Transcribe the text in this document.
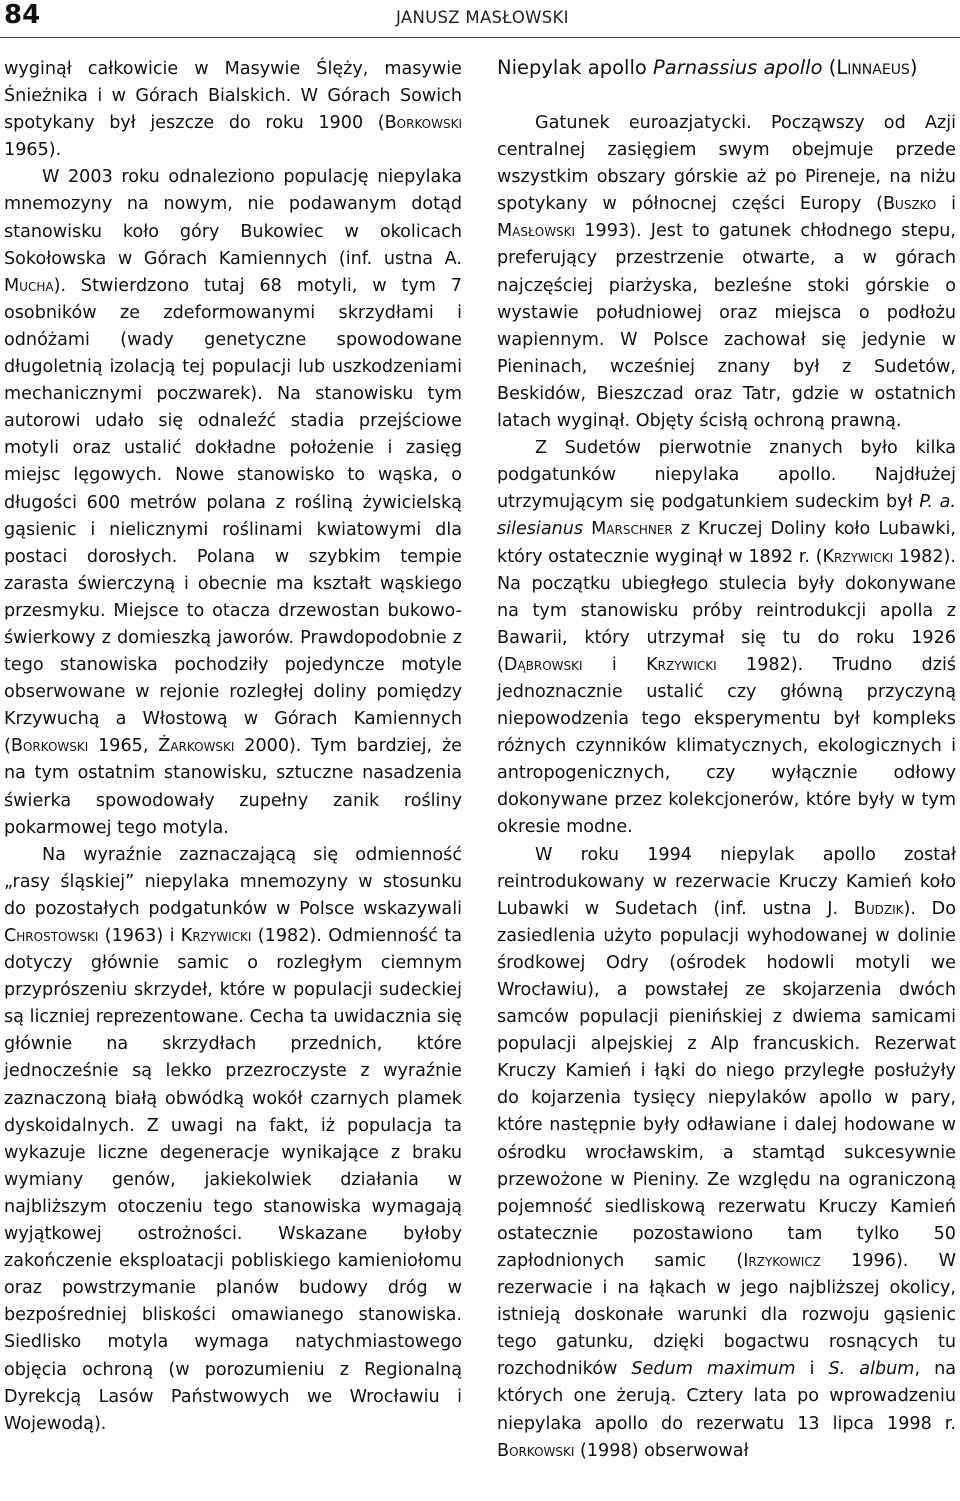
84	JANUSZ MASŁOWSKI

wyginął całkowicie w Masywie Ślęży, masywie Śnieżnika i w Górach Bialskich. W Górach Sowich spotykany był jeszcze do roku 1900 (Borkowski 1965).

W 2003 roku odnaleziono populację niepylaka mnemozyny na nowym, nie podawanym dotąd stanowisku koło góry Bukowiec w okolicach Sokołowska w Górach Kamiennych (inf. ustna A. Mucha). Stwierdzono tutaj 68 motyli, w tym 7 osobników ze zdeformowanymi skrzydłami i odnóżami (wady genetyczne spowodowane długoletnią izolacją tej populacji lub uszkodzeniami mechanicznymi poczwarek). Na stanowisku tym autorowi udało się odnaleźć stadia przejściowe motyli oraz ustalić dokładne położenie i zasięg miejsc lęgowych. Nowe stanowisko to wąska, o długości 600 metrów polana z rośliną żywicielską gąsienic i nielicznymi roślinami kwiatowymi dla postaci dorosłych. Polana w szybkim tempie zarasta świerczyną i obecnie ma kształt wąskiego przesmyku. Miejsce to otacza drzewostan bukowo-świerkowy z domieszką jaworów. Prawdopodobnie z tego stanowiska pochodziły pojedyncze motyle obserwowane w rejonie rozległej doliny pomiędzy Krzywuchą a Włostową w Górach Kamiennych (Borkowski 1965, Żarkowski 2000). Tym bardziej, że na tym ostatnim stanowisku, sztuczne nasadzenia świerka spowodowały zupełny zanik rośliny pokarmowej tego motyla.

Na wyraźnie zaznaczającą się odmienność „rasy śląskiej” niepylaka mnemozyny w stosunku do pozostałych podgatunków w Polsce wskazywali Chrostowski (1963) i Krzywicki (1982). Odmienność ta dotyczy głównie samic o rozległym ciemnym przyprószeniu skrzydeł, które w populacji sudeckiej są liczniej reprezentowane. Cecha ta uwidacznia się głównie na skrzydłach przednich, które jednocześnie są lekko przezroczyste z wyraźnie zaznaczoną białą obwódką wokół czarnych plamek dyskoidalnych. Z uwagi na fakt, iż populacja ta wykazuje liczne degeneracje wynikające z braku wymiany genów, jakiekolwiek działania w najbliższym otoczeniu tego stanowiska wymagają wyjątkowej ostrożności. Wskazane byłoby zakończenie eksploatacji pobliskiego kamieniołomu oraz powstrzymanie planów budowy dróg w bezpośredniej bliskości omawianego stanowiska. Siedlisko motyla wymaga natychmiastowego objęcia ochroną (w porozumieniu z Regionalną Dyrekcją Lasów Państwowych we Wrocławiu i Wojewodą).

Niepylak apollo Parnassius apollo (Linnaeus)

Gatunek euroazjatycki. Począwszy od Azji centralnej zasięgiem swym obejmuje przede wszystkim obszary górskie aż po Pireneje, na niżu spotykany w północnej części Europy (Buszko i Masłowski 1993). Jest to gatunek chłodnego stepu, preferujący przestrzenie otwarte, a w górach najczęściej piarżyska, bezleśne stoki górskie o wystawie południowej oraz miejsca o podłożu wapiennym. W Polsce zachował się jedynie w Pieninach, wcześniej znany był z Sudetów, Beskidów, Bieszczad oraz Tatr, gdzie w ostatnich latach wyginął. Objęty ścisłą ochroną prawną.

Z Sudetów pierwotnie znanych było kilka podgatunków niepylaka apollo. Najdłużej utrzymującym się podgatunkiem sudeckim był P. a. silesianus Marschner z Kruczej Doliny koło Lubawki, który ostatecznie wyginął w 1892 r. (Krzywicki 1982). Na początku ubiegłego stulecia były dokonywane na tym stanowisku próby reintrodukcji apolla z Bawarii, który utrzymał się tu do roku 1926 (Dąbrowski i Krzywicki 1982). Trudno dziś jednoznacznie ustalić czy główną przyczyną niepowodzenia tego eksperymentu był kompleks różnych czynników klimatycznych, ekologicznych i antropogenicznych, czy wyłącznie odłowy dokonywane przez kolekcjonerów, które były w tym okresie modne.

W roku 1994 niepylak apollo został reintrodukowany w rezerwacie Kruczy Kamień koło Lubawki w Sudetach (inf. ustna J. Budzik). Do zasiedlenia użyto populacji wyhodowanej w dolinie środkowej Odry (ośrodek hodowli motyli we Wrocławiu), a powstałej ze skojarzenia dwóch samców populacji pienińskiej z dwiema samicami populacji alpejskiej z Alp francuskich. Rezerwat Kruczy Kamień i łąki do niego przyległe posłużyły do kojarzenia tysięcy niepylaków apollo w pary, które następnie były odławiane i dalej hodowane w ośrodku wrocławskim, a stamtąd sukcesywnie przewożone w Pieniny. Ze względu na ograniczoną pojemność siedliskową rezerwatu Kruczy Kamień ostatecznie pozostawiono tam tylko 50 zapłodnionych samic (Irzykowicz 1996). W rezerwacie i na łąkach w jego najbliższej okolicy, istnieją doskonałe warunki dla rozwoju gąsienic tego gatunku, dzięki bogactwu rosnących tu rozchodników Sedum maximum i S. album, na których one żerują. Cztery lata po wprowadzeniu niepylaka apollo do rezerwatu 13 lipca 1998 r. Borkowski (1998) obserwował
